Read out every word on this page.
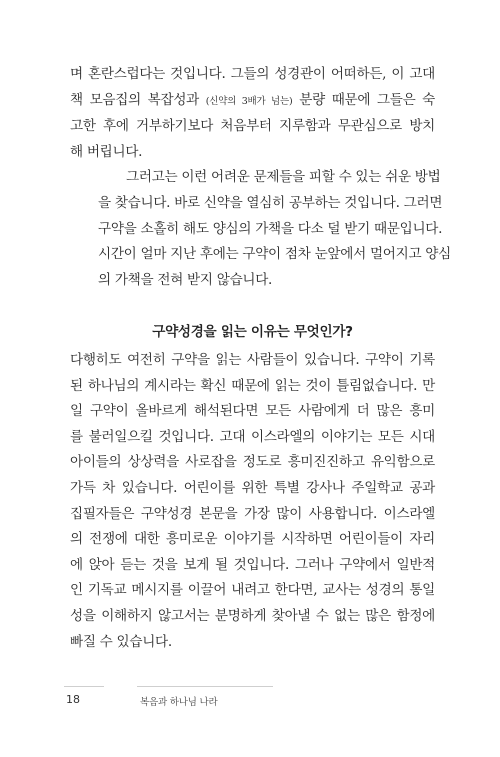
며 혼란스럽다는 것입니다. 그들의 성경관이 어떠하든, 이 고대
책 모음집의 복잡성과 (신약의 3배가 넘는) 분량 때문에 그들은 숙
고한 후에 거부하기보다 처음부터 지루함과 무관심으로 방치
해 버립니다.
그러고는 이런 어려운 문제들을 피할 수 있는 쉬운 방법
을 찾습니다. 바로 신약을 열심히 공부하는 것입니다. 그러면
구약을 소홀히 해도 양심의 가책을 다소 덜 받기 때문입니다.
시간이 얼마 지난 후에는 구약이 점차 눈앞에서 멀어지고 양심
의 가책을 전혀 받지 않습니다.
구약성경을 읽는 이유는 무엇인가?
다행히도 여전히 구약을 읽는 사람들이 있습니다. 구약이 기록
된 하나님의 계시라는 확신 때문에 읽는 것이 틀림없습니다. 만
일 구약이 올바르게 해석된다면 모든 사람에게 더 많은 흥미
를 불러일으킬 것입니다. 고대 이스라엘의 이야기는 모든 시대
아이들의 상상력을 사로잡을 정도로 흥미진진하고 유익함으로
가득 차 있습니다. 어린이를 위한 특별 강사나 주일학교 공과
집필자들은 구약성경 본문을 가장 많이 사용합니다. 이스라엘
의 전쟁에 대한 흥미로운 이야기를 시작하면 어린이들이 자리
에 앉아 듣는 것을 보게 될 것입니다. 그러나 구약에서 일반적
인 기독교 메시지를 이끌어 내려고 한다면, 교사는 성경의 통일
성을 이해하지 않고서는 분명하게 찾아낼 수 없는 많은 함정에
빠질 수 있습니다.
18	복음과 하나님 나라
